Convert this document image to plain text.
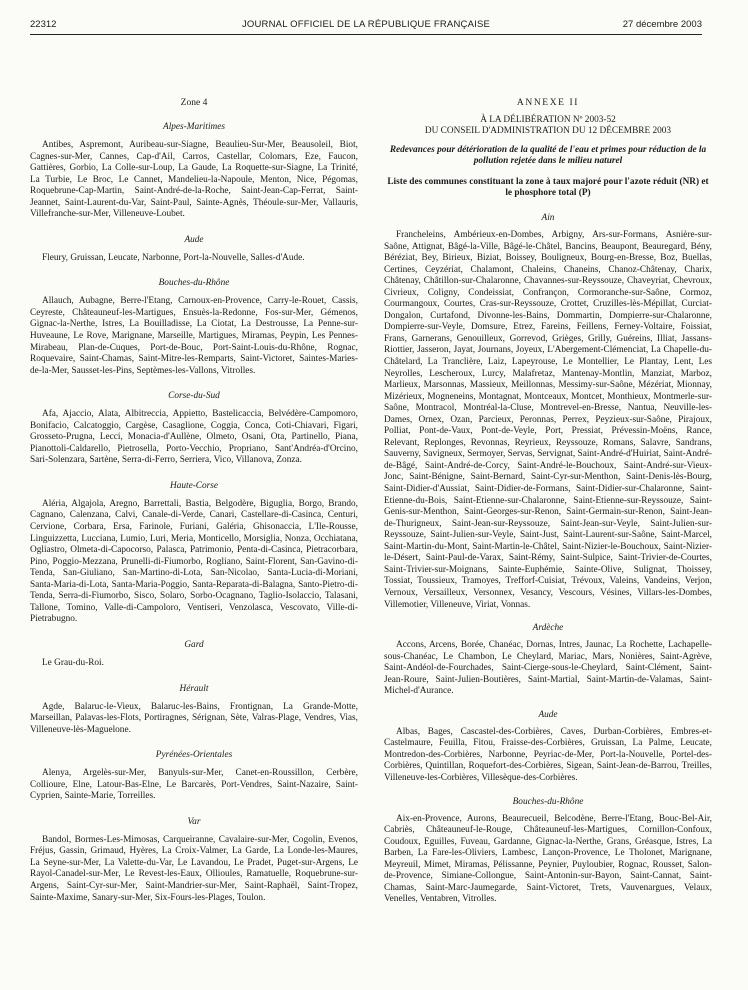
22312	JOURNAL OFFICIEL DE LA RÉPUBLIQUE FRANÇAISE	27 décembre 2003

Zone 4

Alpes-Maritimes

Antibes, Aspremont, Auribeau-sur-Siagne, Beaulieu-Sur-Mer, Beausoleil, Biot, Cagnes-sur-Mer, Cannes, Cap-d'Ail, Carros, Castellar, Colomars, Eze, Faucon, Gattières, Gorbio, La Colle-sur-Loup, La Gaude, La Roquette-sur-Siagne, La Trinité, La Turbie, Le Broc, Le Cannet, Mandelieu-la-Napoule, Menton, Nice, Pégomas, Roquebrune-Cap-Martin, Saint-André-de-la-Roche, Saint-Jean-Cap-Ferrat, Saint-Jeannet, Saint-Laurent-du-Var, Saint-Paul, Sainte-Agnès, Théoule-sur-Mer, Vallauris, Villefranche-sur-Mer, Villeneuve-Loubet.

Aude

Fleury, Gruissan, Leucate, Narbonne, Port-la-Nouvelle, Salles-d'Aude.

Bouches-du-Rhône

Allauch, Aubagne, Berre-l'Etang, Carnoux-en-Provence, Carry-le-Rouet, Cassis, Ceyreste, Châteauneuf-les-Martigues, Ensuès-la-Redonne, Fos-sur-Mer, Gémenos, Gignac-la-Nerthe, Istres, La Bouilladisse, La Ciotat, La Destrousse, La Penne-sur-Huveaune, Le Rove, Marignane, Marseille, Martigues, Miramas, Peypin, Les Pennes-Mirabeau, Plan-de-Cuques, Port-de-Bouc, Port-Saint-Louis-du-Rhône, Rognac, Roquevaire, Saint-Chamas, Saint-Mitre-les-Remparts, Saint-Victoret, Saintes-Maries-de-la-Mer, Sausset-les-Pins, Septèmes-les-Vallons, Vitrolles.

Corse-du-Sud

Afa, Ajaccio, Alata, Albitreccia, Appietto, Bastelicaccia, Belvédère-Campomoro, Bonifacio, Calcatoggio, Cargèse, Casaglione, Coggia, Conca, Coti-Chiavari, Figari, Grosseto-Prugna, Lecci, Monacia-d'Aullène, Olmeto, Osani, Ota, Partinello, Piana, Pianottoli-Caldarello, Pietrosella, Porto-Vecchio, Propriano, Sant'Andréa-d'Orcino, Sari-Solenzara, Sartène, Serra-di-Ferro, Serriera, Vico, Villanova, Zonza.

Haute-Corse

Aléria, Algajola, Aregno, Barrettali, Bastia, Belgodère, Biguglia, Borgo, Brando, Cagnano, Calenzana, Calvi, Canale-di-Verde, Canari, Castellare-di-Casinca, Centuri, Cervione, Corbara, Ersa, Farinole, Furiani, Galéria, Ghisonaccia, L'Ile-Rousse, Linguizzetta, Lucciana, Lumio, Luri, Meria, Monticello, Morsiglia, Nonza, Occhiatana, Ogliastro, Olmeta-di-Capocorso, Palasca, Patrimonio, Penta-di-Casinca, Pietracorbara, Pino, Poggio-Mezzana, Prunelli-di-Fiumorbo, Rogliano, Saint-Florent, San-Gavino-di-Tenda, San-Giuliano, San-Martino-di-Lota, San-Nicolao, Santa-Lucia-di-Moriani, Santa-Maria-di-Lota, Santa-Maria-Poggio, Santa-Reparata-di-Balagna, Santo-Pietro-di-Tenda, Serra-di-Fiumorbo, Sisco, Solaro, Sorbo-Ocagnano, Taglio-Isolaccio, Talasani, Tallone, Tomino, Valle-di-Campoloro, Ventiseri, Venzolasca, Vescovato, Ville-di-Pietrabugno.

Gard

Le Grau-du-Roi.

Hérault

Agde, Balaruc-le-Vieux, Balaruc-les-Bains, Frontignan, La Grande-Motte, Marseillan, Palavas-les-Flots, Portiragnes, Sérignan, Sète, Valras-Plage, Vendres, Vias, Villeneuve-lès-Maguelone.

Pyrénées-Orientales

Alenya, Argelès-sur-Mer, Banyuls-sur-Mer, Canet-en-Roussillon, Cerbère, Collioure, Elne, Latour-Bas-Elne, Le Barcarès, Port-Vendres, Saint-Nazaire, Saint-Cyprien, Sainte-Marie, Torreilles.

Var

Bandol, Bormes-Les-Mimosas, Carqueiranne, Cavalaire-sur-Mer, Cogolin, Evenos, Fréjus, Gassin, Grimaud, Hyères, La Croix-Valmer, La Garde, La Londe-les-Maures, La Seyne-sur-Mer, La Valette-du-Var, Le Lavandou, Le Pradet, Puget-sur-Argens, Le Rayol-Canadel-sur-Mer, Le Revest-les-Eaux, Ollioules, Ramatuelle, Roquebrune-sur-Argens, Saint-Cyr-sur-Mer, Saint-Mandrier-sur-Mer, Saint-Raphaël, Saint-Tropez, Sainte-Maxime, Sanary-sur-Mer, Six-Fours-les-Plages, Toulon.

ANNEXE II

À LA DÉLIBÉRATION Nº 2003-52
DU CONSEIL D'ADMINISTRATION DU 12 DÉCEMBRE 2003

Redevances pour détérioration de la qualité de l'eau et primes pour réduction de la pollution rejetée dans le milieu naturel

Liste des communes constituant la zone à taux majoré pour l'azote réduit (NR) et le phosphore total (P)

Ain

Francheleins, Ambérieux-en-Dombes, Arbigny, Ars-sur-Formans, Asnière-sur-Saône, Attignat, Bâgé-la-Ville, Bâgé-le-Châtel, Bancins, Beaupont, Beauregard, Bény, Béréziat, Bey, Birieux, Biziat, Boissey, Bouligneux, Bourg-en-Bresse, Boz, Buellas, Certines, Ceyzériat, Chalamont, Chaleins, Chaneins, Chanoz-Châtenay, Charix, Châtenay, Châtillon-sur-Chalaronne, Chavannes-sur-Reyssouze, Chaveyriat, Chevroux, Civrieux, Coligny, Condeissiat, Confrançon, Cormoranche-sur-Saône, Cormoz, Courmangoux, Courtes, Cras-sur-Reyssouze, Crottet, Cruzilles-lès-Mépillat, Curciat-Dongalon, Curtafond, Divonne-les-Bains, Dommartin, Dompierre-sur-Chalaronne, Dompierre-sur-Veyle, Domsure, Etrez, Fareins, Feillens, Ferney-Voltaire, Foissiat, Frans, Garnerans, Genouilleux, Gorrevod, Grièges, Grilly, Guéreins, Illiat, Jassans-Riottier, Jasseron, Jayat, Journans, Joyeux, L'Abergement-Clémenciat, La Chapelle-du-Châtelard, La Tranclière, Laiz, Lapeyrouse, Le Montellier, Le Plantay, Lent, Les Neyrolles, Lescheroux, Lurcy, Malafretaz, Mantenay-Montlin, Manziat, Marboz, Marlieux, Marsonnas, Massieux, Meillonnas, Messimy-sur-Saône, Mézériat, Mionnay, Mizérieux, Mogneneins, Montagnat, Montceaux, Montcet, Monthieux, Montmerle-sur-Saône, Montracol, Montréal-la-Cluse, Montrevel-en-Bresse, Nantua, Neuville-les-Dames, Ornex, Ozan, Parcieux, Peronnas, Perrex, Peyzieux-sur-Saône, Pirajoux, Polliat, Pont-de-Vaux, Pont-de-Veyle, Port, Pressiat, Prévessin-Moëns, Rance, Relevant, Replonges, Revonnas, Reyrieux, Reyssouze, Romans, Salavre, Sandrans, Sauverny, Savigneux, Sermoyer, Servas, Servignat, Saint-André-d'Huiriat, Saint-André-de-Bâgé, Saint-André-de-Corcy, Saint-André-le-Bouchoux, Saint-André-sur-Vieux-Jonc, Saint-Bénigne, Saint-Bernard, Saint-Cyr-sur-Menthon, Saint-Denis-lès-Bourg, Saint-Didier-d'Aussiat, Saint-Didier-de-Formans, Saint-Didier-sur-Chalaronne, Saint-Etienne-du-Bois, Saint-Etienne-sur-Chalaronne, Saint-Etienne-sur-Reyssouze, Saint-Genis-sur-Menthon, Saint-Georges-sur-Renon, Saint-Germain-sur-Renon, Saint-Jean-de-Thurigneux, Saint-Jean-sur-Reyssouze, Saint-Jean-sur-Veyle, Saint-Julien-sur-Reyssouze, Saint-Julien-sur-Veyle, Saint-Just, Saint-Laurent-sur-Saône, Saint-Marcel, Saint-Martin-du-Mont, Saint-Martin-le-Châtel, Saint-Nizier-le-Bouchoux, Saint-Nizier-le-Désert, Saint-Paul-de-Varax, Saint-Rémy, Saint-Sulpice, Saint-Trivier-de-Courtes, Saint-Trivier-sur-Moignans, Sainte-Euphémie, Sainte-Olive, Sulignat, Thoissey, Tossiat, Toussieux, Tramoyes, Trefforf-Cuisiat, Trévoux, Valeins, Vandeins, Verjon, Vernoux, Versailleux, Versonnex, Vesancy, Vescours, Vésines, Villars-les-Dombes, Villemotier, Villeneuve, Viriat, Vonnas.

Ardèche

Accons, Arcens, Borée, Chanéac, Dornas, Intres, Jaunac, La Rochette, Lachapelle-sous-Chanéac, Le Chambon, Le Cheylard, Mariac, Mars, Nonières, Saint-Agrève, Saint-Andéol-de-Fourchades, Saint-Cierge-sous-le-Cheylard, Saint-Clément, Saint-Jean-Roure, Saint-Julien-Boutières, Saint-Martial, Saint-Martin-de-Valamas, Saint-Michel-d'Aurance.

Aude

Albas, Bages, Cascastel-des-Corbières, Caves, Durban-Corbières, Embres-et-Castelmaure, Feuilla, Fitou, Fraisse-des-Corbières, Gruissan, La Palme, Leucate, Montredon-des-Corbières, Narbonne, Peyriac-de-Mer, Port-la-Nouvelle, Portel-des-Corbières, Quintillan, Roquefort-des-Corbières, Sigean, Saint-Jean-de-Barrou, Treilles, Villeneuve-les-Corbières, Villesèque-des-Corbières.

Bouches-du-Rhône

Aix-en-Provence, Aurons, Beaurecueil, Belcodène, Berre-l'Etang, Bouc-Bel-Air, Cabriès, Châteauneuf-le-Rouge, Châteauneuf-les-Martigues, Cornillon-Confoux, Coudoux, Eguilles, Fuveau, Gardanne, Gignac-la-Nerthe, Grans, Gréasque, Istres, La Barben, La Fare-les-Oliviers, Lambesc, Lançon-Provence, Le Tholonet, Marignane, Meyreuil, Mimet, Miramas, Pélissanne, Peynier, Puyloubier, Rognac, Rousset, Salon-de-Provence, Simiane-Collongue, Saint-Antonin-sur-Bayon, Saint-Cannat, Saint-Chamas, Saint-Marc-Jaumegarde, Saint-Victoret, Trets, Vauvenargues, Velaux, Venelles, Ventabren, Vitrolles.
